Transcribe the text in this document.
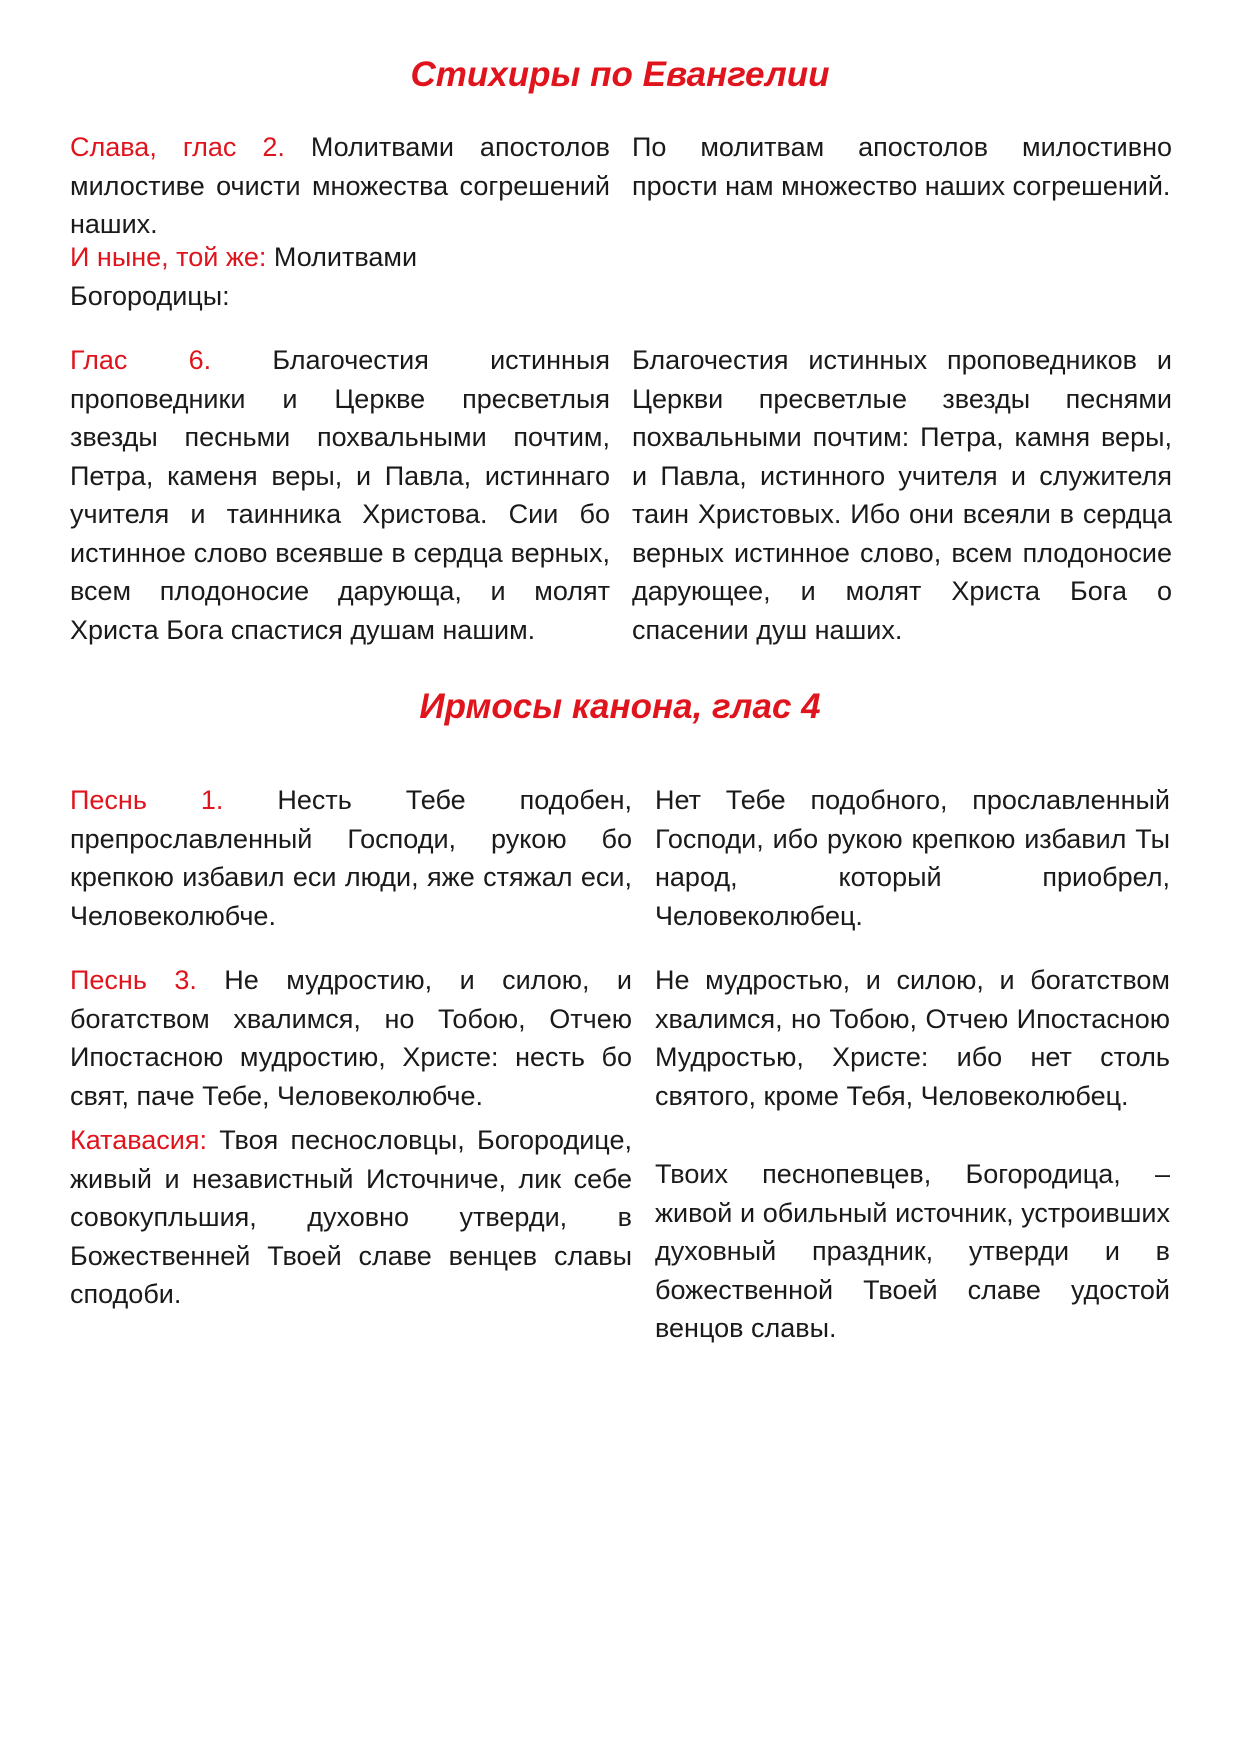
Стихиры по Евангелии

Слава, глас 2. Молитвами апостолов милостиве очисти множества согрешений наших.

По молитвам апостолов милостивно прости нам множество наших согрешений.

И ныне, той же: Молитвами Богородицы:

Глас 6. Благочестия истинныя проповедники и Церкве пресветлыя звезды песньми похвальными почтим, Петра, каменя веры, и Павла, истиннаго учителя и таинника Христова. Сии бо истинное слово всеявше в сердца верных, всем плодоносие дарующа, и молят Христа Бога спастися душам нашим.

Благочестия истинных проповедников и Церкви пресветлые звезды песнями похвальными почтим: Петра, камня веры, и Павла, истинного учителя и служителя таин Христовых. Ибо они всеяли в сердца верных истинное слово, всем плодоносие дарующее, и молят Христа Бога о спасении душ наших.

Ирмосы канона, глас 4

Песнь 1. Несть Тебе подобен, препрославленный Господи, рукою бо крепкою избавил еси люди, яже стяжал еси, Человеколюбче.

Нет Тебе подобного, прославленный Господи, ибо рукою крепкою избавил Ты народ, который приобрел, Человеколюбец.

Песнь 3. Не мудростию, и силою, и богатством хвалимся, но Тобою, Отчею Ипостасною мудростию, Христе: несть бо свят, паче Тебе, Человеколюбче.

Не мудростью, и силою, и богатством хвалимся, но Тобою, Отчею Ипостасною Мудростью, Христе: ибо нет столь святого, кроме Тебя, Человеколюбец.

Катавасия: Твоя песнословцы, Богородице, живый и независтный Источниче, лик себе совокупльшия, духовно утверди, в Божественней Твоей славе венцев славы сподоби.

Твоих песнопевцев, Богородица, – живой и обильный источник, устроивших духовный праздник, утверди и в божественной Твоей славе удостой венцов славы.
